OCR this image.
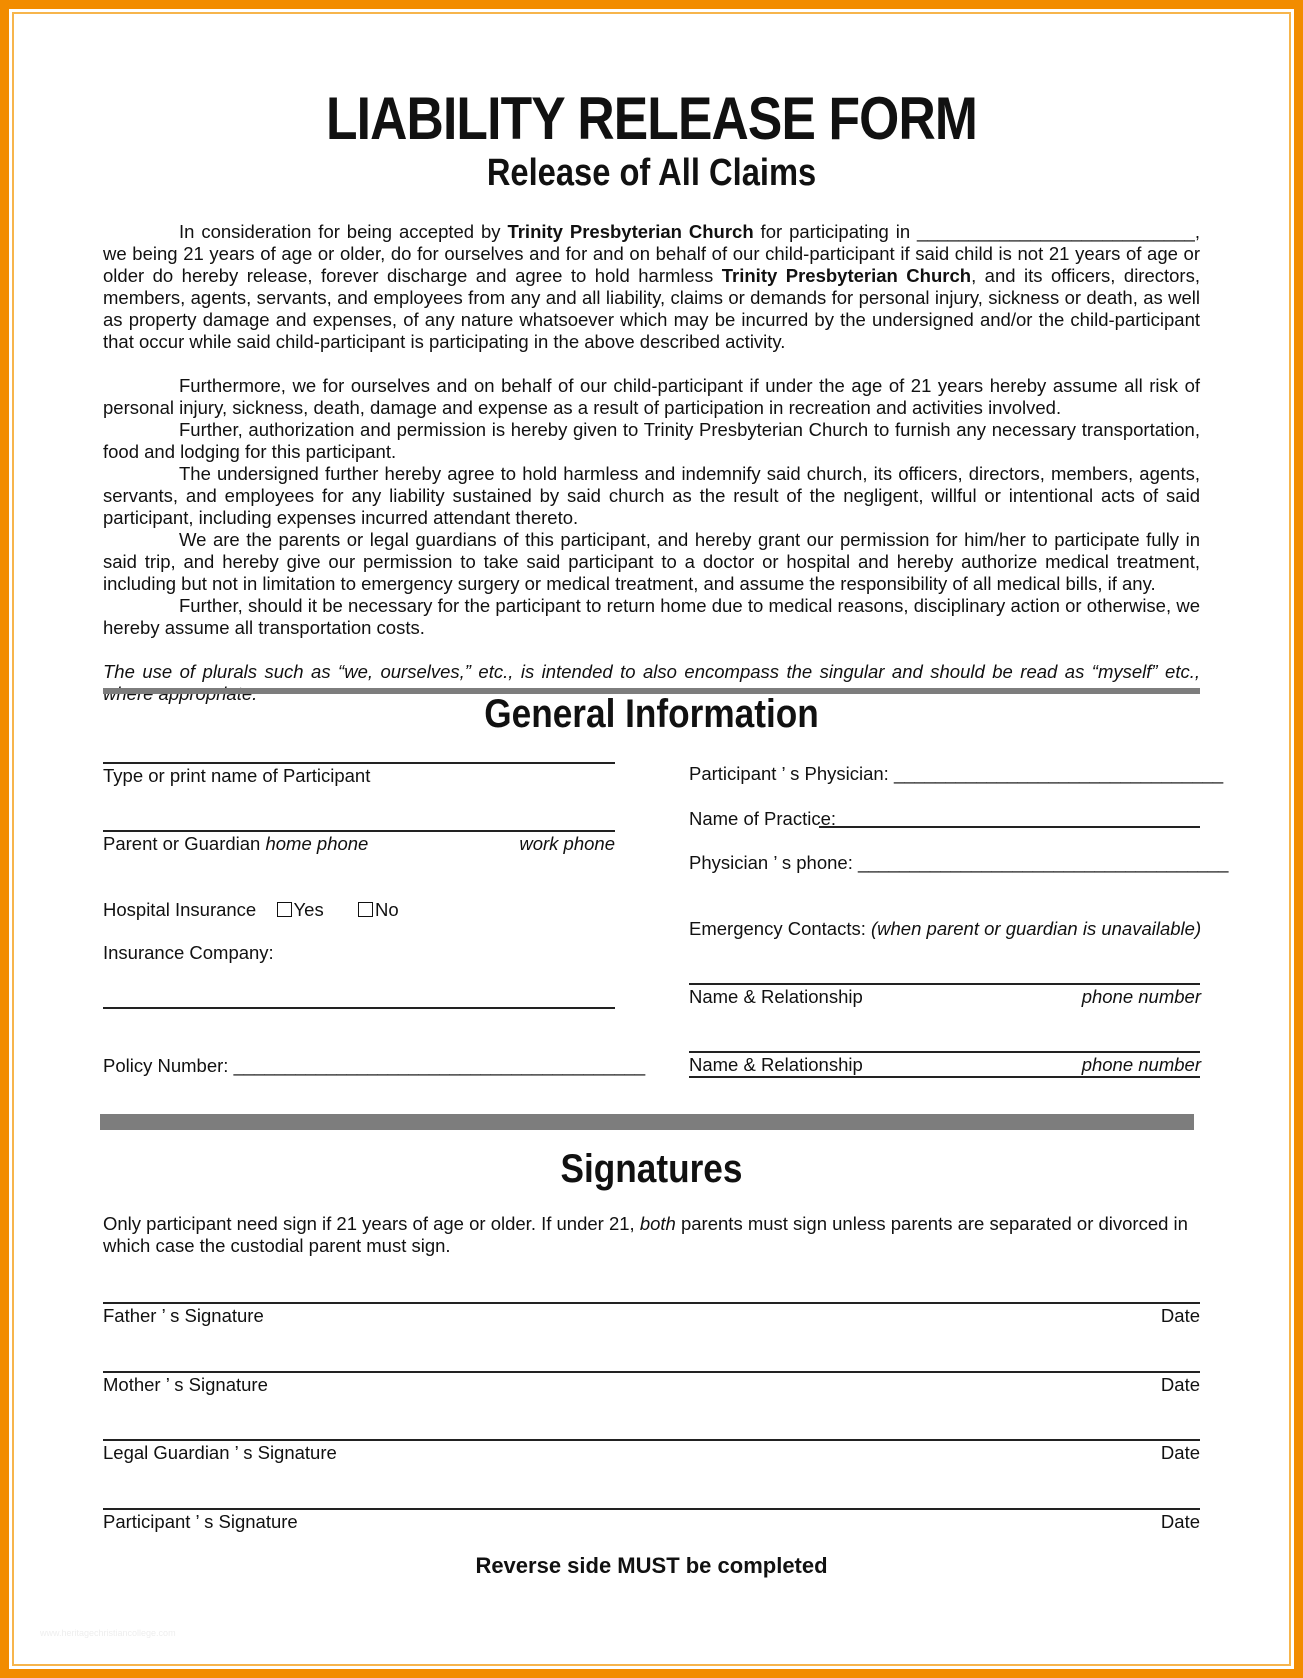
LIABILITY RELEASE FORM
Release of All Claims

In consideration for being accepted by Trinity Presbyterian Church for participating in ___________________________, we being 21 years of age or older, do for ourselves and for and on behalf of our child-participant if said child is not 21 years of age or older do hereby release, forever discharge and agree to hold harmless Trinity Presbyterian Church, and its officers, directors, members, agents, servants, and employees from any and all liability, claims or demands for personal injury, sickness or death, as well as property damage and expenses, of any nature whatsoever which may be incurred by the undersigned and/or the child-participant that occur while said child-participant is participating in the above described activity.

Furthermore, we for ourselves and on behalf of our child-participant if under the age of 21 years hereby assume all risk of personal injury, sickness, death, damage and expense as a result of participation in recreation and activities involved.

Further, authorization and permission is hereby given to Trinity Presbyterian Church to furnish any necessary transportation, food and lodging for this participant.

The undersigned further hereby agree to hold harmless and indemnify said church, its officers, directors, members, agents, servants, and employees for any liability sustained by said church as the result of the negligent, willful or intentional acts of said participant, including expenses incurred attendant thereto.

We are the parents or legal guardians of this participant, and hereby grant our permission for him/her to participate fully in said trip, and hereby give our permission to take said participant to a doctor or hospital and hereby authorize medical treatment, including but not in limitation to emergency surgery or medical treatment, and assume the responsibility of all medical bills, if any.

Further, should it be necessary for the participant to return home due to medical reasons, disciplinary action or otherwise, we hereby assume all transportation costs.

The use of plurals such as “we, ourselves,” etc., is intended to also encompass the singular and should be read as “myself” etc.,

General Information
Type or print name of Participant
Parent or Guardian home phone	work phone
Hospital Insurance Yes	No
Insurance Company:
Policy Number: ________________________________________
Participant ’ s Physician: ________________________________
Name of Practice:
Physician ’ s phone: ____________________________________
Emergency Contacts: (when parent or guardian is unavailable)
Name & Relationship	phone number
Name & Relationship	phone number
Signatures
Only participant need sign if 21 years of age or older. If under 21, both parents must sign unless parents are separated or divorced in which case the custodial parent must sign.
Father ’ s Signature	Date
Mother ’ s Signature	Date
Legal Guardian ’ s Signature	Date
Participant ’ s Signature	Date
Reverse side MUST be completed
www.heritagechristiancollege.com
